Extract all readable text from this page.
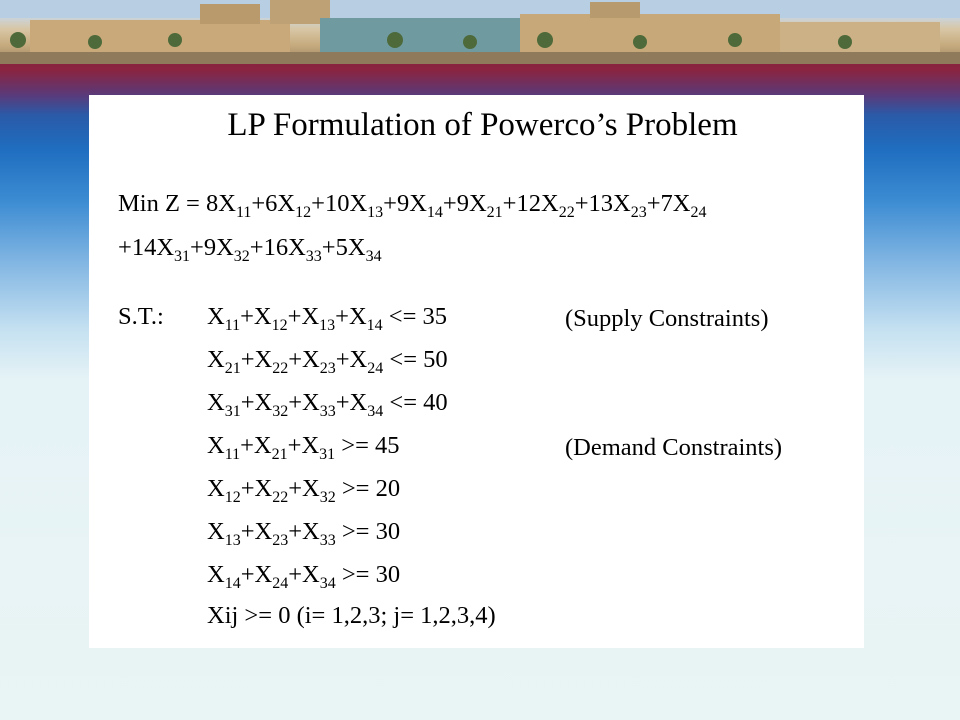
LP Formulation of Powerco’s Problem
Min $Z = 8X_{11}+6X_{12}+10X_{13}+9X_{14}+9X_{21}+12X_{22}+13X_{23}+7X_{24}$
$+14X_{31}+9X_{32}+16X_{33}+5X_{34}$
S.T.: $X_{11}+X_{12}+X_{13}+X_{14} <= 35$
$X_{21}+X_{22}+X_{23}+X_{24} <= 50$
$X_{31}+X_{32}+X_{33}+X_{34} <= 40$
$X_{11}+X_{21}+X_{31} >= 45$
$X_{12}+X_{22}+X_{32} >= 20$
$X_{13}+X_{23}+X_{33} >= 30$
$X_{14}+X_{24}+X_{34} >= 30$
Xij >= 0 (i= 1,2,3; j= 1,2,3,4)
(Supply Constraints)
(Demand Constraints)
